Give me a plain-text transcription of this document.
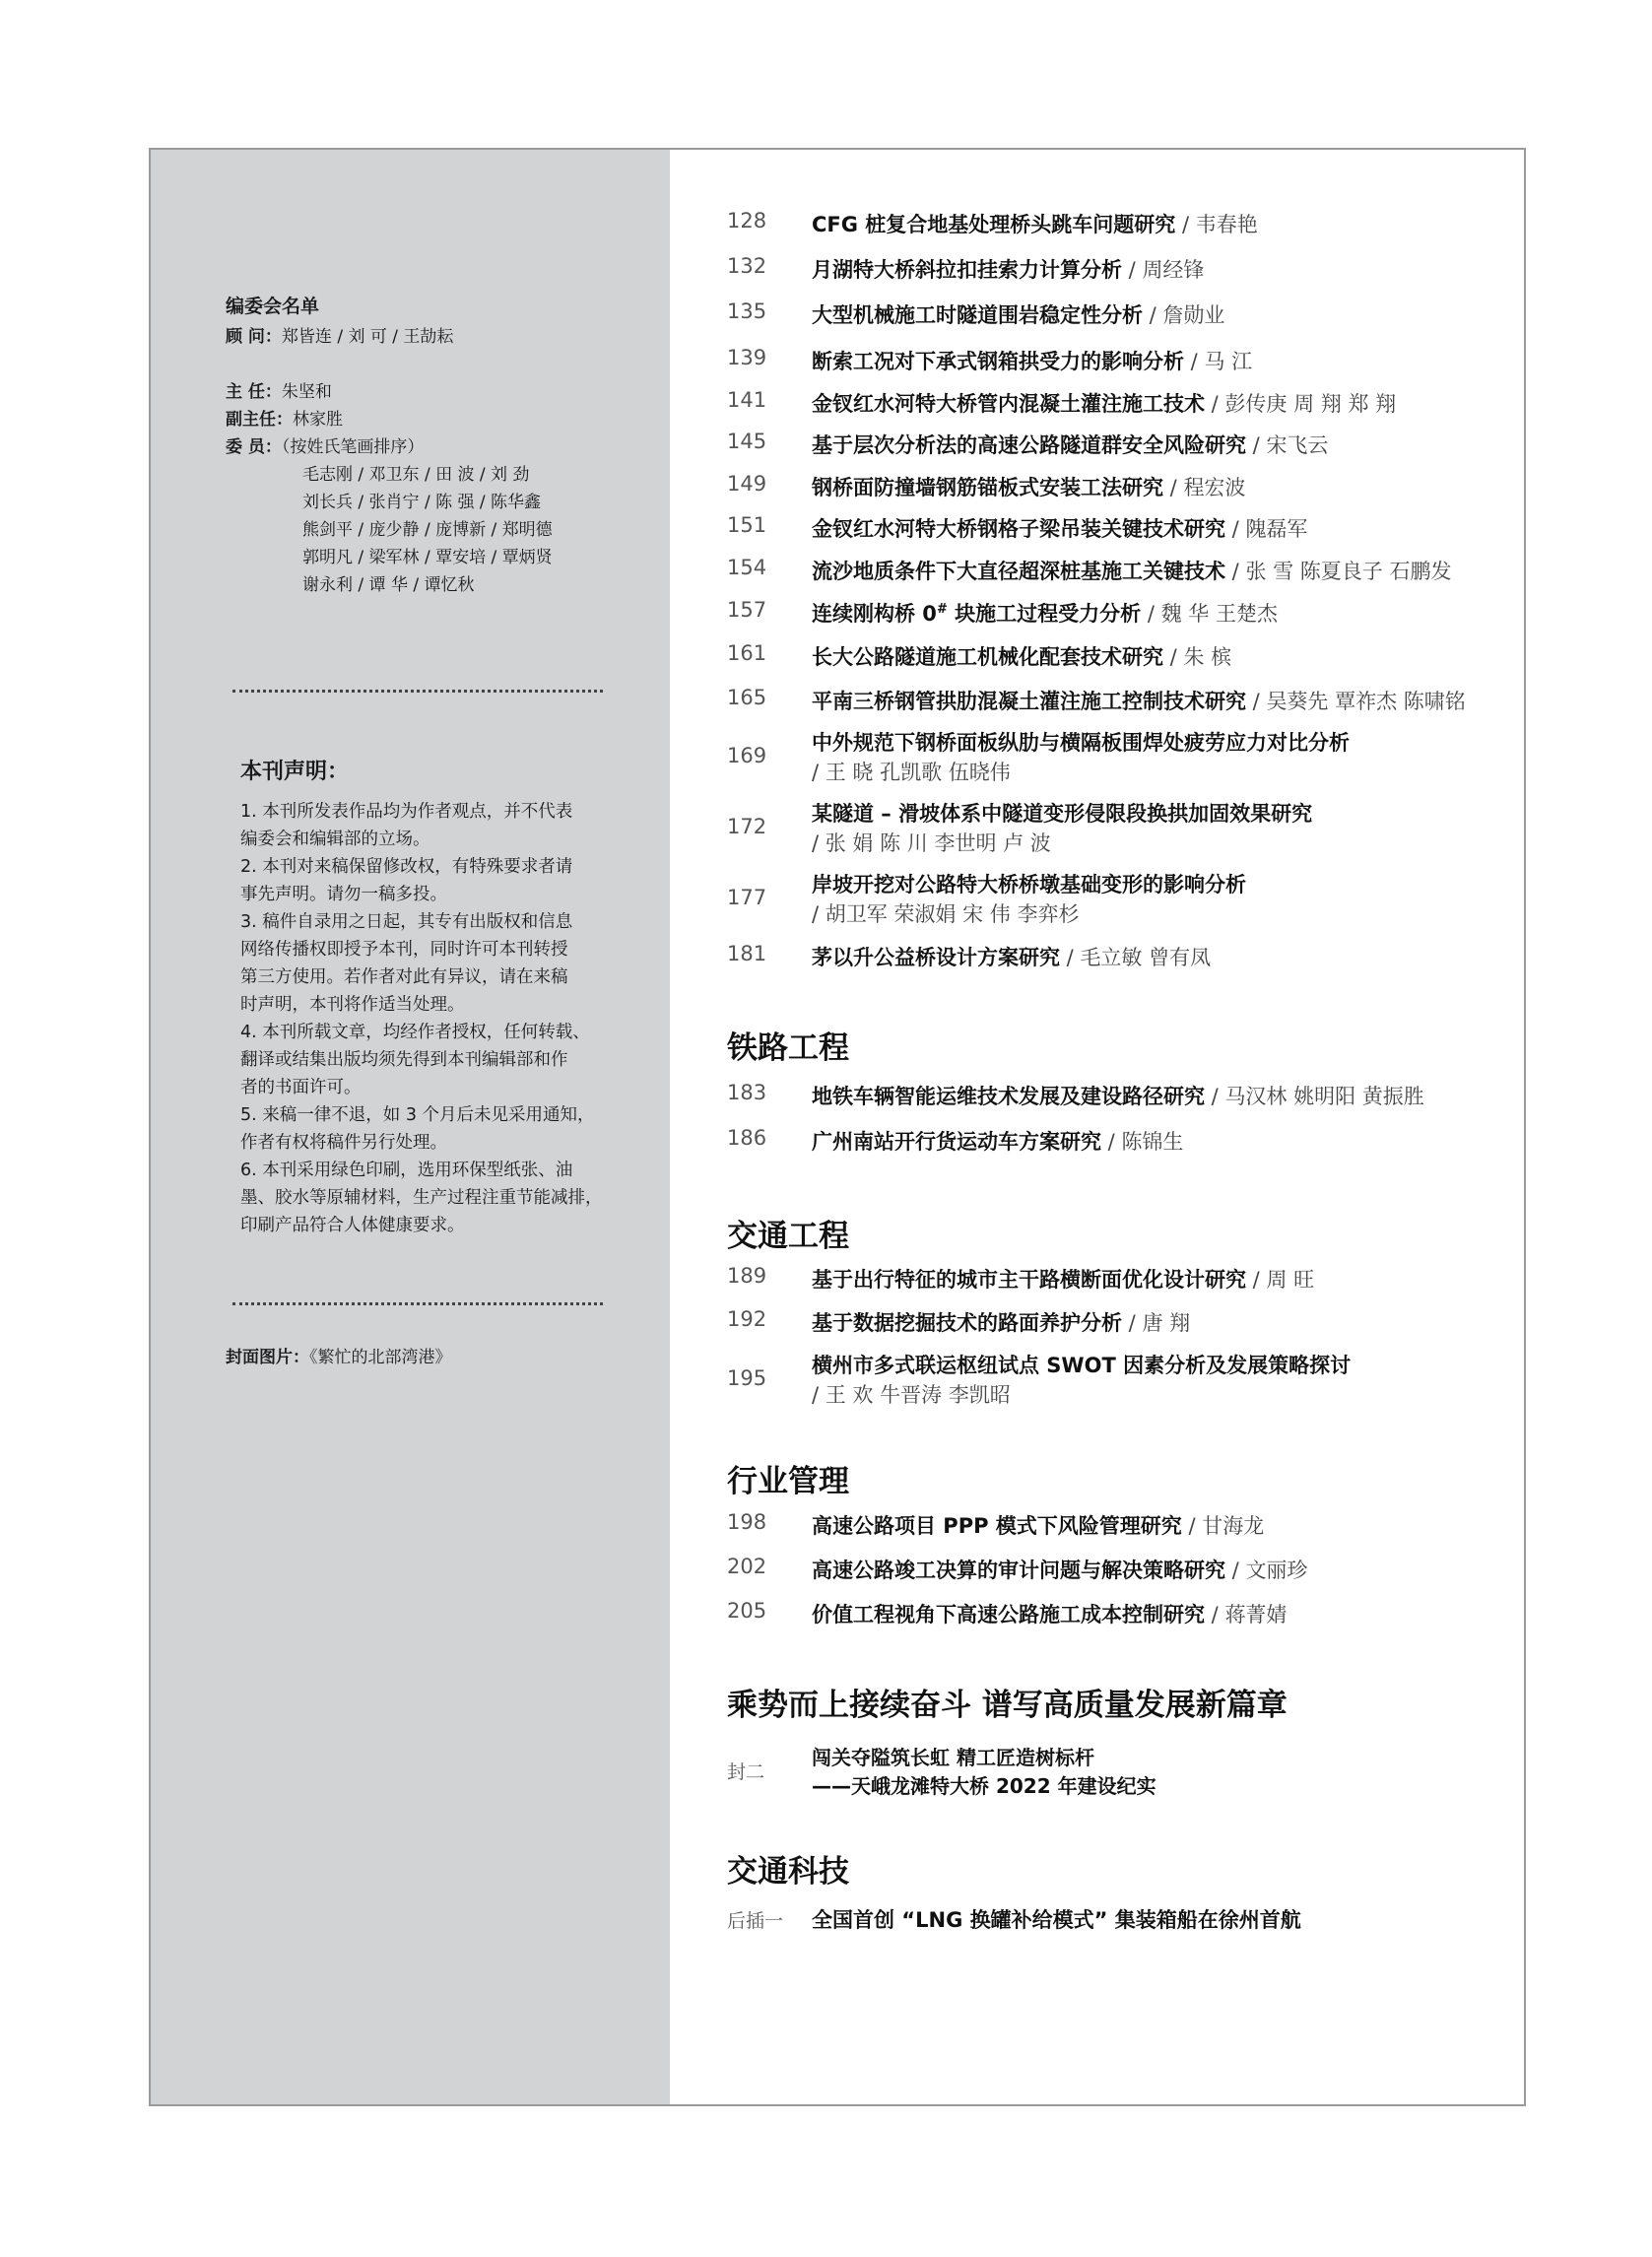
编委会名单
顾 问：郑皆连 / 刘 可 / 王劼耘
主 任：朱坚和
副主任：林家胜
委 员：（按姓氏笔画排序）
毛志刚 / 邓卫东 / 田 波 / 刘 劲
刘长兵 / 张肖宁 / 陈 强 / 陈华鑫
熊剑平 / 庞少静 / 庞博新 / 郑明德
郭明凡 / 梁军林 / 覃安培 / 覃炳贤
谢永利 / 谭 华 / 谭忆秋
本刊声明：

1. 本刊所发表作品均为作者观点，并不代表

编委会和编辑部的立场。

2. 本刊对来稿保留修改权，有特殊要求者请

事先声明。请勿一稿多投。

3. 稿件自录用之日起，其专有出版权和信息

网络传播权即授予本刊，同时许可本刊转授

第三方使用。若作者对此有异议，请在来稿

时声明，本刊将作适当处理。

4. 本刊所载文章，均经作者授权，任何转载、

翻译或结集出版均须先得到本刊编辑部和作

者的书面许可。

5. 来稿一律不退，如 3 个月后未见采用通知，

作者有权将稿件另行处理。

6. 本刊采用绿色印刷，选用环保型纸张、油

墨、胶水等原辅材料，生产过程注重节能减排，

印刷产品符合人体健康要求。

封面图片：《繁忙的北部湾港》
128 CFG 桩复合地基处理桥头跳车问题研究 / 韦春艳
132 月湖特大桥斜拉扣挂索力计算分析 / 周经锋
135 大型机械施工时隧道围岩稳定性分析 / 詹勋业
139 断索工况对下承式钢箱拱受力的影响分析 / 马 江
141 金钗红水河特大桥管内混凝土灌注施工技术 / 彭传庚 周 翔 郑 翔
145 基于层次分析法的高速公路隧道群安全风险研究 / 宋飞云
149 钢桥面防撞墙钢筋锚板式安装工法研究 / 程宏波
151 金钗红水河特大桥钢格子梁吊装关键技术研究 / 隗磊军
154 流沙地质条件下大直径超深桩基施工关键技术 / 张 雪 陈夏良子 石鹏发
157 连续刚构桥 0# 块施工过程受力分析 / 魏 华 王楚杰
161 长大公路隧道施工机械化配套技术研究 / 朱 槟
165 平南三桥钢管拱肋混凝土灌注施工控制技术研究 / 吴葵先 覃祚杰 陈啸铭
169
中外规范下钢桥面板纵肋与横隔板围焊处疲劳应力对比分析
/ 王 晓 孔凯歌 伍晓伟
172
某隧道 – 滑坡体系中隧道变形侵限段换拱加固效果研究
/ 张 娟 陈 川 李世明 卢 波
177
岸坡开挖对公路特大桥桥墩基础变形的影响分析
/ 胡卫军 荣淑娟 宋 伟 李弈杉
181 茅以升公益桥设计方案研究 / 毛立敏 曾有凤
铁路工程
183 地铁车辆智能运维技术发展及建设路径研究 / 马汉林 姚明阳 黄振胜
186 广州南站开行货运动车方案研究 / 陈锦生
交通工程
189 基于出行特征的城市主干路横断面优化设计研究 / 周 旺
192 基于数据挖掘技术的路面养护分析 / 唐 翔
195
横州市多式联运枢纽试点 SWOT 因素分析及发展策略探讨
/ 王 欢 牛晋涛 李凯昭
行业管理
198 高速公路项目 PPP 模式下风险管理研究 / 甘海龙
202 高速公路竣工决算的审计问题与解决策略研究 / 文丽珍
205 价值工程视角下高速公路施工成本控制研究 / 蒋菁婧
乘势而上接续奋斗 谱写高质量发展新篇章
封二
闯关夺隘筑长虹 精工匠造树标杆
——天峨龙滩特大桥 2022 年建设纪实
交通科技
后插一 全国首创 “LNG 换罐补给模式” 集装箱船在徐州首航
